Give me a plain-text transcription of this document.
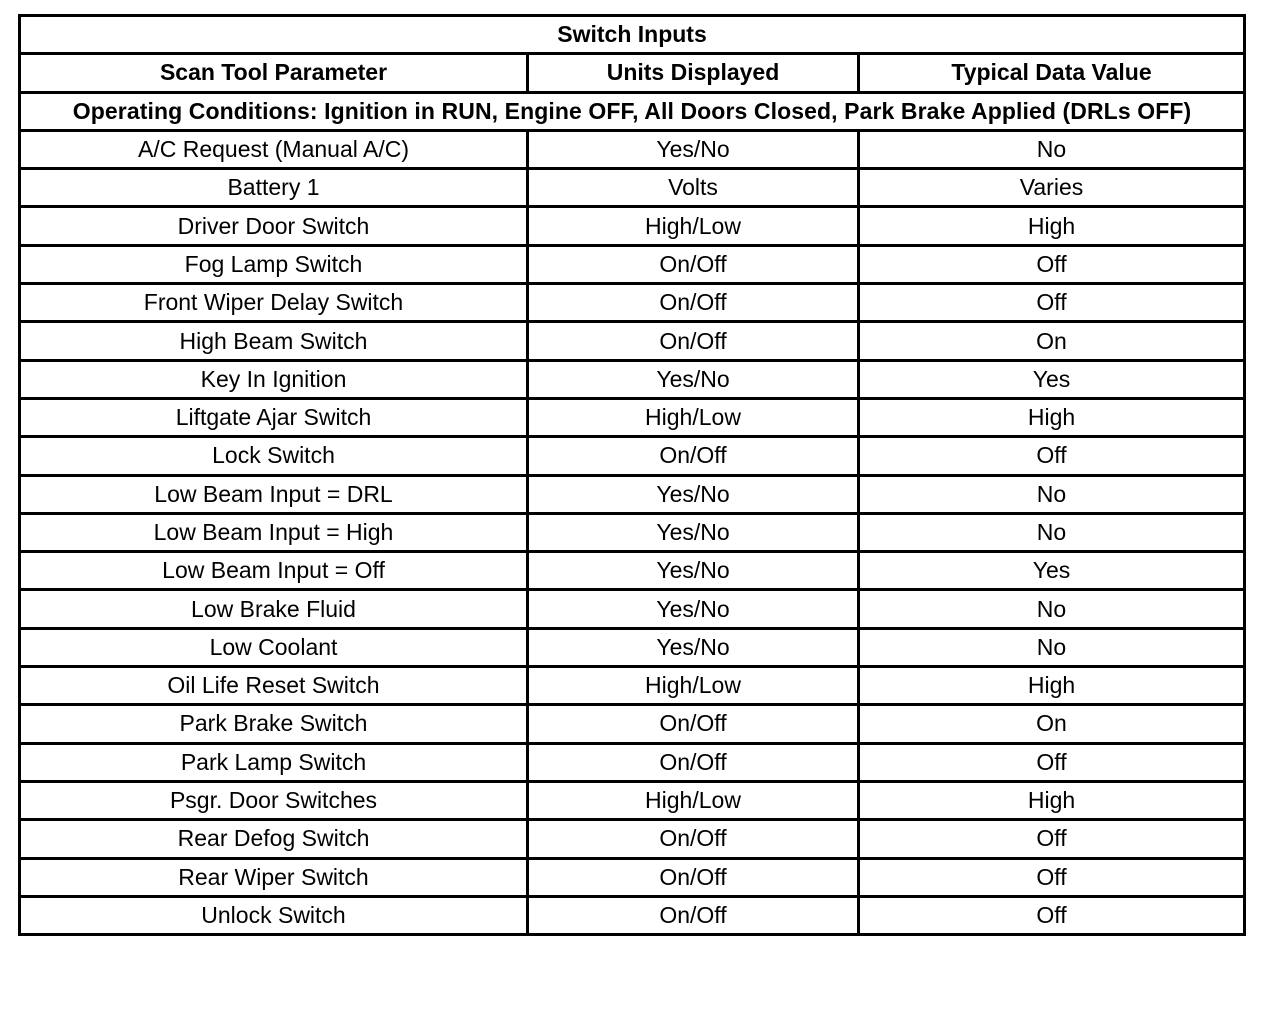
Switch Inputs		
Scan Tool Parameter	Units Displayed	Typical Data Value
Operating Conditions: Ignition in RUN, Engine OFF, All Doors Closed, Park Brake Applied (DRLs OFF)		
A/C Request (Manual A/C)	Yes/No	No
Battery 1	Volts	Varies
Driver Door Switch	High/Low	High
Fog Lamp Switch	On/Off	Off
Front Wiper Delay Switch	On/Off	Off
High Beam Switch	On/Off	On
Key In Ignition	Yes/No	Yes
Liftgate Ajar Switch	High/Low	High
Lock Switch	On/Off	Off
Low Beam Input = DRL	Yes/No	No
Low Beam Input = High	Yes/No	No
Low Beam Input = Off	Yes/No	Yes
Low Brake Fluid	Yes/No	No
Low Coolant	Yes/No	No
Oil Life Reset Switch	High/Low	High
Park Brake Switch	On/Off	On
Park Lamp Switch	On/Off	Off
Psgr. Door Switches	High/Low	High
Rear Defog Switch	On/Off	Off
Rear Wiper Switch	On/Off	Off
Unlock Switch	On/Off	Off
